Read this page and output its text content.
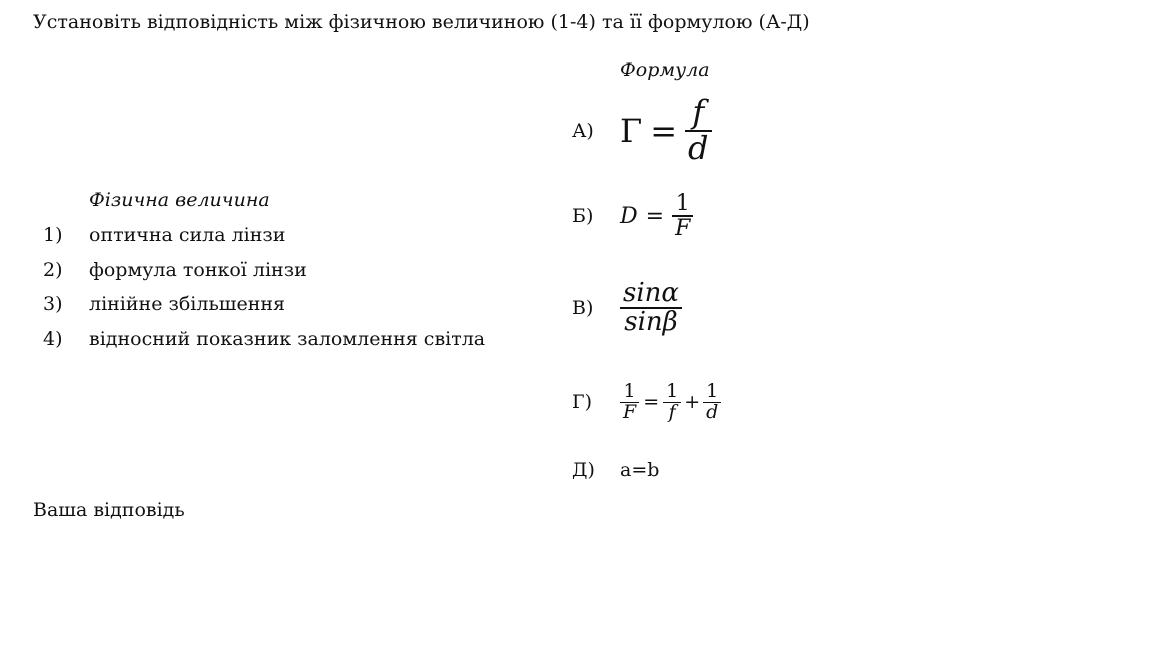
Установіть відповідність між фізичною величиною (1-4) та її формулою (А-Д)
Фізична величина
1)	оптична сила лінзи
2)	формула тонкої лінзи
3)	лінійне збільшення
4)	відносний показник заломлення світла
Формула
А) $\Gamma = \frac{f}{d}$
Б)	$D = \frac{1}{F}$
В)	$\frac{\sin\alpha}{\sin\beta}$
Г)	$\frac{1}{F} = \frac{1}{f} + \frac{1}{d}$
Д)	a=b
Ваша відповідь
